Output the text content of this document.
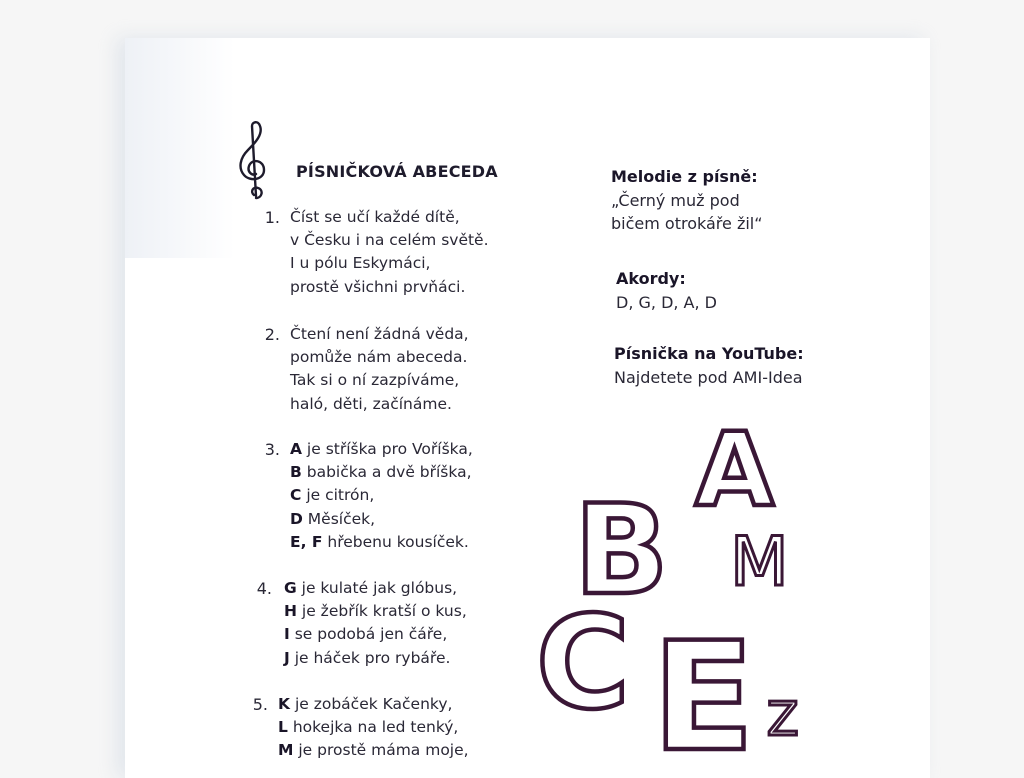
PÍSNIČKOVÁ ABECEDA
1. Číst se učí každé dítě,
v Česku i na celém světě.
I u pólu Eskymáci,
prostě všichni prvňáci.
2. Čtení není žádná věda,
pomůže nám abeceda.
Tak si o ní zazpíváme,
haló, děti, začínáme.
3. A je stříška pro Voříška,
B babička a dvě bříška,
C je citrón,
D Měsíček,
E, F hřebenu kousíček.
4. G je kulaté jak glóbus,
H je žebřík kratší o kus,
I se podobá jen čáře,
J je háček pro rybáře.
5. K je zobáček Kačenky,
L hokejka na led tenký,
M je prostě máma moje,
Melodie z písně:
„Černý muž pod
bičem otrokáře žil“
Akordy:
D, G, D, A, D
Písnička na YouTube:
Najdetete pod AMI-Idea
A
B M
C E Z
